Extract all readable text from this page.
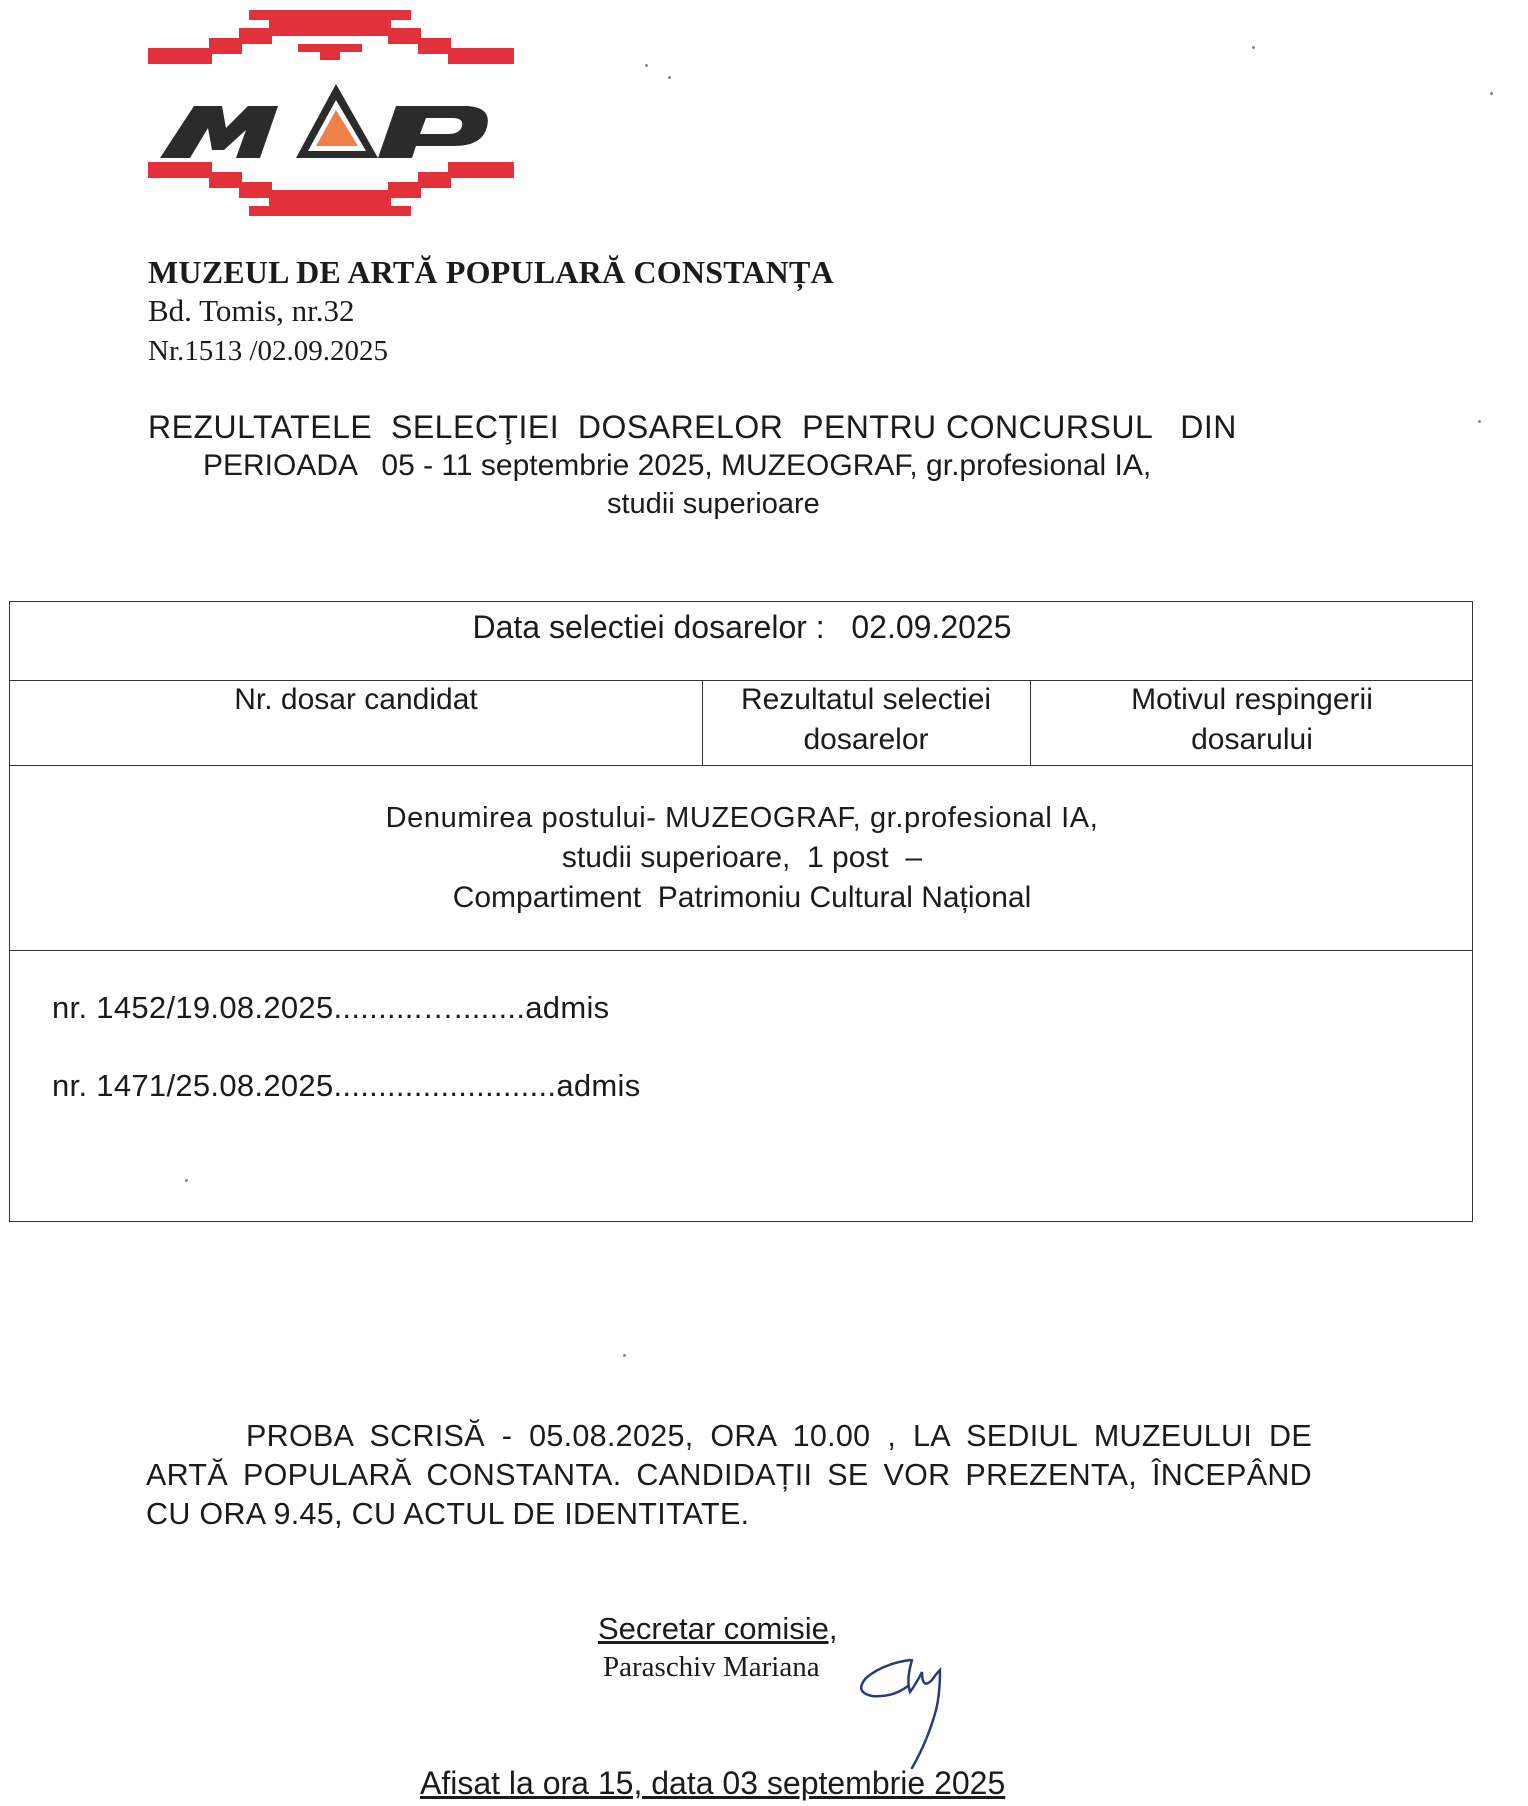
MAP
MUZEUL DE ARTĂ POPULARĂ CONSTANȚA
Bd. Tomis, nr.32
Nr.1513 /02.09.2025
REZULTATELE  SELECŢIEI  DOSARELOR  PENTRU CONCURSUL   DIN
PERIOADA   05 - 11 septembrie 2025, MUZEOGRAF, gr.profesional IA,
studii superioare
Data selectiei dosarelor :   02.09.2025
Nr. dosar candidat	Rezultatul selectiei
dosarelor
Motivul respingerii
dosarului
Denumirea postului- MUZEOGRAF, gr.profesional IA,
studii superioare,  1 post  –
Compartiment  Patrimoniu Cultural Național
nr. 1452/19.08.2025..........…........admis
nr. 1471/25.08.2025.........................admis
PROBA SCRISĂ - 05.08.2025, ORA 10.00 , LA SEDIUL MUZEULUI DE ARTĂ POPULARĂ CONSTANTA. CANDIDAȚII SE VOR PREZENTA, ÎNCEPÂND CU ORA 9.45, CU ACTUL DE IDENTITATE.
Secretar comisie,
Paraschiv Mariana
Afisat la ora 15, data 03 septembrie 2025
